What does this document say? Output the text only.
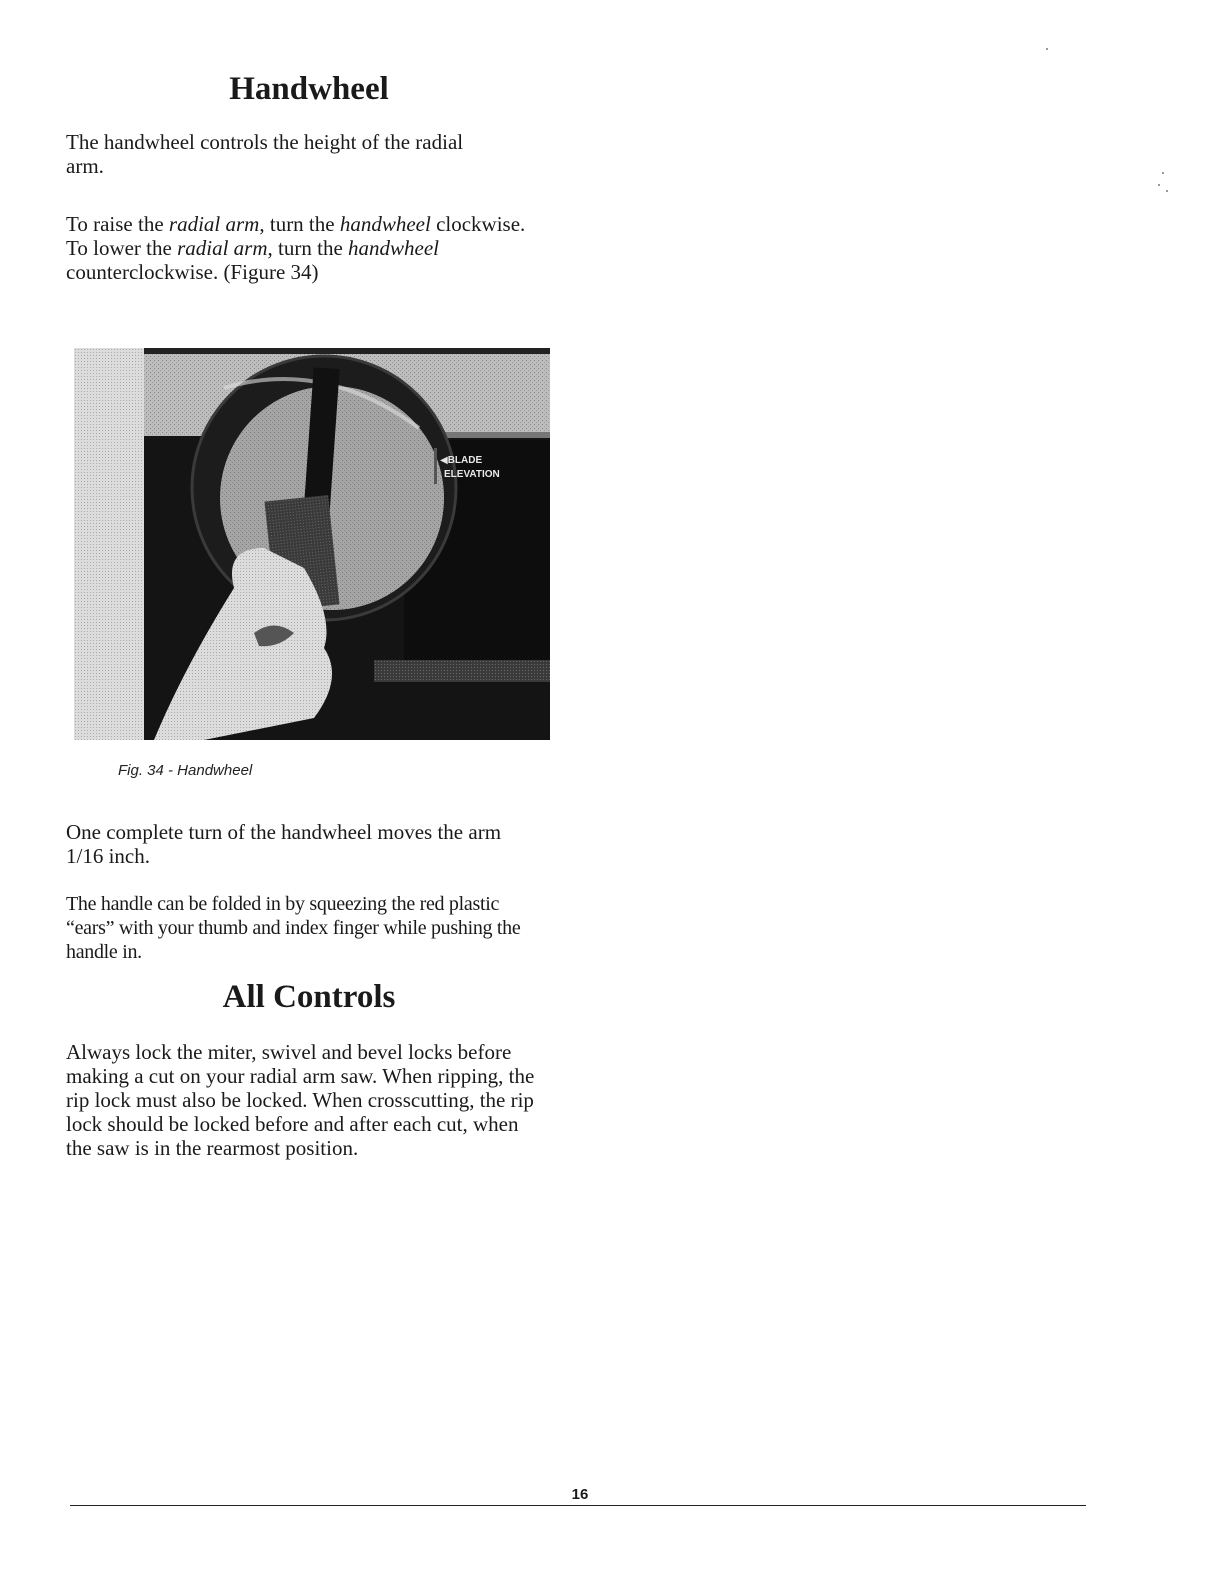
Handwheel

The handwheel controls the height of the radial arm.

To raise the radial arm, turn the handwheel clockwise. To lower the radial arm, turn the handwheel counterclockwise. (Figure 34)

◀BLADE
ELEVATION
Fig. 34 - Handwheel

One complete turn of the handwheel moves the arm 1/16 inch.

The handle can be folded in by squeezing the red plastic “ears” with your thumb and index finger while pushing the handle in.

All Controls

Always lock the miter, swivel and bevel locks before making a cut on your radial arm saw. When ripping, the rip lock must also be locked. When crosscutting, the rip lock should be locked before and after each cut, when the saw is in the rearmost position.

16
